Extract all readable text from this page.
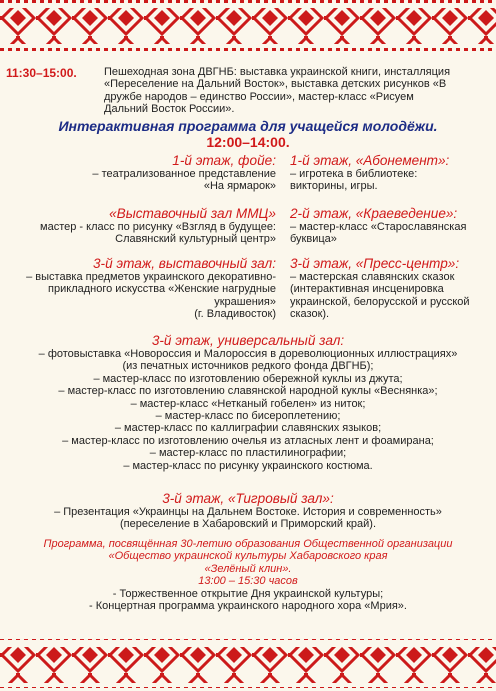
11:30–15:00. Пешеходная зона ДВГНБ: выставка украинской книги, инсталляция
«Переселение на Дальний Восток», выставка детских рисунков «В
дружбе народов – единство России», мастер-класс «Рисуем
Дальний Восток России».
Интерактивная программа для учащейся молодёжи.
12:00–14:00.
1-й этаж, фойе:
– театрализованное представление
«На ярмарок»
1-й этаж, «Абонемент»:
– игротека в библиотеке:
викторины, игры.
«Выставочный зал ММЦ»
мастер - класс по рисунку «Взгляд в будущее:
Славянский культурный центр»
2-й этаж, «Краеведение»:
– мастер-класс «Старославянская
буквица»
3-й этаж, выставочный зал:
– выставка предметов украинского декоративно-
прикладного искусства «Женские нагрудные
украшения»
(г. Владивосток)
3-й этаж, «Пресс-центр»:
– мастерская славянских сказок
(интерактивная инсценировка
украинской, белорусской и русской
сказок).
3-й этаж, универсальный зал:
– фотовыставка «Новороссия и Малороссия в дореволюционных иллюстрациях»
(из печатных источников редкого фонда ДВГНБ);
– мастер-класс по изготовлению обережной куклы из джута;
– мастер-класс по изготовлению славянской народной куклы «Веснянка»;
– мастер-класс «Нетканый гобелен» из ниток;
– мастер-класс по бисероплетению;
– мастер-класс по каллиграфии славянских языков;
– мастер-класс по изготовлению очелья из атласных лент и фоамирана;
– мастер-класс по пластилинографии;
– мастер-класс по рисунку украинского костюма.
3-й этаж, «Тигровый зал»:
– Презентация «Украинцы на Дальнем Востоке. История и современность»
(переселение в Хабаровский и Приморский край).
Программа, посвящённая 30-летию образования Общественной организации
«Общество украинской культуры Хабаровского края
«Зелёный клин».
13:00 – 15:30 часов
- Торжественное открытие Дня украинской культуры;
- Концертная программа украинского народного хора «Мрия».
